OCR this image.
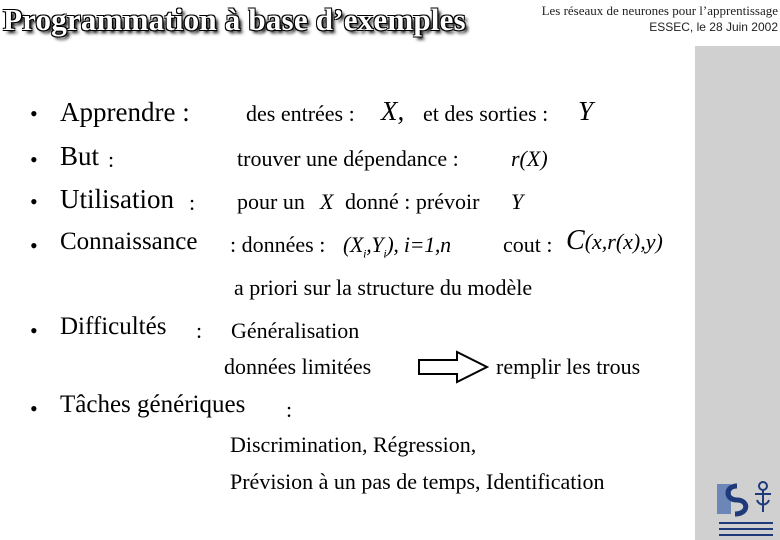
Programmation à base d’exemples	Les réseaux de neurones pour l’apprentissage
ESSEC, le 28 Juin 2002
• Apprendre :	des entrées : X, et des sorties : Y
• But :	trouver une dépendance : r(X)
• Utilisation : pour un X donné : prévoir Y
• Connaissance : données : $(X_i,Y_i)$, i=1,n cout : C(x,r(x),y)
a priori sur la structure du modèle
• Difficultés : Généralisation
données limitées	remplir les trous
• Tâches génériques :
Discrimination, Régression,
Prévision à un pas de temps, Identification
